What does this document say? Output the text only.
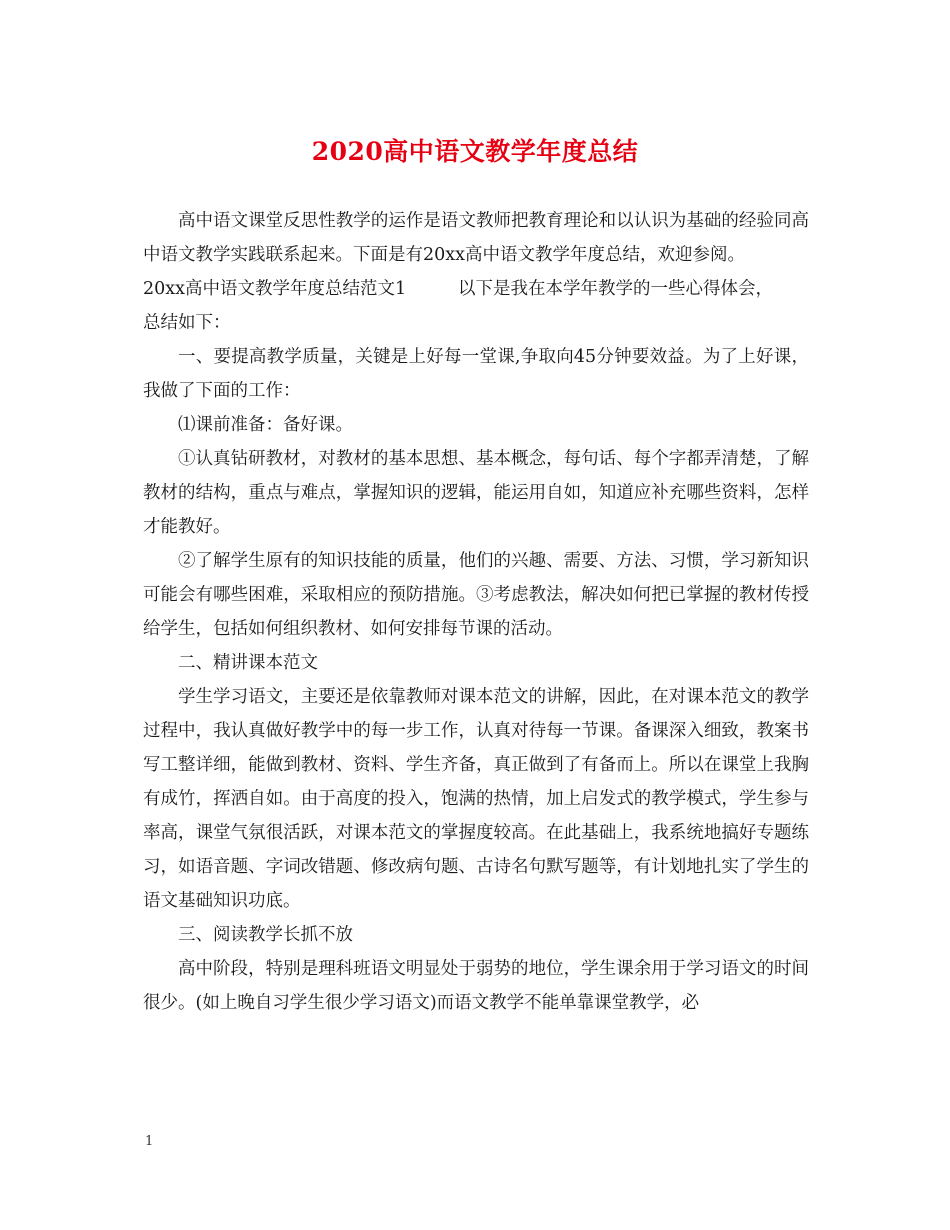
2020高中语文教学年度总结

高中语文课堂反思性教学的运作是语文教师把教育理论和以认识为基础的经验同高中语文教学实践联系起来。下面是有20xx高中语文教学年度总结，欢迎参阅。

20xx高中语文教学年度总结范文1	以下是我在本学年教学的一些心得体会，

总结如下：

一、要提高教学质量，关键是上好每一堂课,争取向45分钟要效益。为了上好课，我做了下面的工作：

⑴课前准备：备好课。

①认真钻研教材，对教材的基本思想、基本概念，每句话、每个字都弄清楚，了解教材的结构，重点与难点，掌握知识的逻辑，能运用自如，知道应补充哪些资料，怎样才能教好。

②了解学生原有的知识技能的质量，他们的兴趣、需要、方法、习惯，学习新知识可能会有哪些困难，采取相应的预防措施。③考虑教法，解决如何把已掌握的教材传授给学生，包括如何组织教材、如何安排每节课的活动。

二、精讲课本范文

学生学习语文，主要还是依靠教师对课本范文的讲解，因此，在对课本范文的教学过程中，我认真做好教学中的每一步工作，认真对待每一节课。备课深入细致，教案书写工整详细，能做到教材、资料、学生齐备，真正做到了有备而上。所以在课堂上我胸有成竹，挥洒自如。由于高度的投入，饱满的热情，加上启发式的教学模式，学生参与率高，课堂气氛很活跃，对课本范文的掌握度较高。在此基础上，我系统地搞好专题练习，如语音题、字词改错题、修改病句题、古诗名句默写题等，有计划地扎实了学生的语文基础知识功底。

三、阅读教学长抓不放

高中阶段，特别是理科班语文明显处于弱势的地位，学生课余用于学习语文的时间很少。(如上晚自习学生很少学习语文)而语文教学不能单靠课堂教学，必

1
